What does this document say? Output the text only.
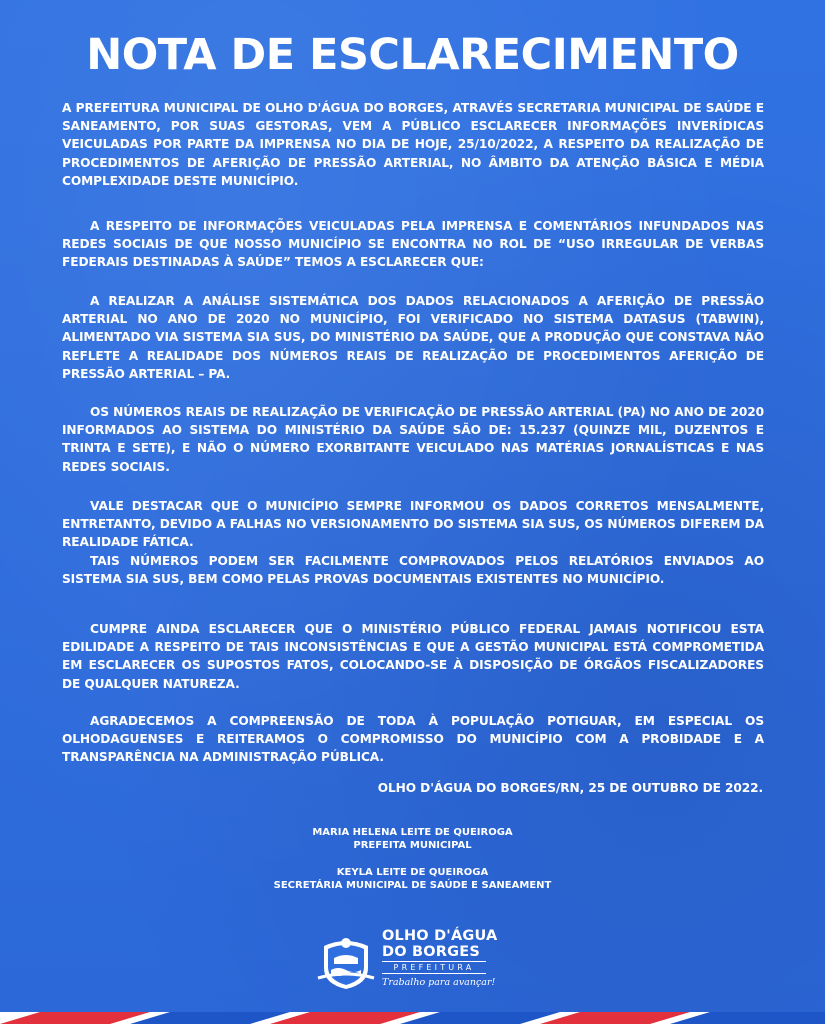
NOTA DE ESCLARECIMENTO

A PREFEITURA MUNICIPAL DE OLHO D'ÁGUA DO BORGES, ATRAVÉS SECRETARIA MUNICIPAL DE SAÚDE E SANEAMENTO, POR SUAS GESTORAS, VEM A PÚBLICO ESCLARECER INFORMAÇÕES INVERÍDICAS VEICULADAS POR PARTE DA IMPRENSA NO DIA DE HOJE, 25/10/2022, A RESPEITO DA REALIZAÇÃO DE PROCEDIMENTOS DE AFERIÇÃO DE PRESSÃO ARTERIAL, NO ÂMBITO DA ATENÇÃO BÁSICA E MÉDIA COMPLEXIDADE DESTE MUNICÍPIO.

A RESPEITO DE INFORMAÇÕES VEICULADAS PELA IMPRENSA E COMENTÁRIOS INFUNDADOS NAS REDES SOCIAIS DE QUE NOSSO MUNICÍPIO SE ENCONTRA NO ROL DE “USO IRREGULAR DE VERBAS FEDERAIS DESTINADAS À SAÚDE” TEMOS A ESCLARECER QUE:

A REALIZAR A ANÁLISE SISTEMÁTICA DOS DADOS RELACIONADOS A AFERIÇÃO DE PRESSÃO ARTERIAL NO ANO DE 2020 NO MUNICÍPIO, FOI VERIFICADO NO SISTEMA DATASUS (TABWIN), ALIMENTADO VIA SISTEMA SIA SUS, DO MINISTÉRIO DA SAÚDE, QUE A PRODUÇÃO QUE CONSTAVA NÃO REFLETE A REALIDADE DOS NÚMEROS REAIS DE REALIZAÇÃO DE PROCEDIMENTOS AFERIÇÃO DE PRESSÃO ARTERIAL – PA.

OS NÚMEROS REAIS DE REALIZAÇÃO DE VERIFICAÇÃO DE PRESSÃO ARTERIAL (PA) NO ANO DE 2020 INFORMADOS AO SISTEMA DO MINISTÉRIO DA SAÚDE SÃO DE: 15.237 (QUINZE MIL, DUZENTOS E TRINTA E SETE), E NÃO O NÚMERO EXORBITANTE VEICULADO NAS MATÉRIAS JORNALÍSTICAS E NAS REDES SOCIAIS.

VALE DESTACAR QUE O MUNICÍPIO SEMPRE INFORMOU OS DADOS CORRETOS MENSALMENTE, ENTRETANTO, DEVIDO A FALHAS NO VERSIONAMENTO DO SISTEMA SIA SUS, OS NÚMEROS DIFEREM DA REALIDADE FÁTICA.

TAIS NÚMEROS PODEM SER FACILMENTE COMPROVADOS PELOS RELATÓRIOS ENVIADOS AO SISTEMA SIA SUS, BEM COMO PELAS PROVAS DOCUMENTAIS EXISTENTES NO MUNICÍPIO.

CUMPRE AINDA ESCLARECER QUE O MINISTÉRIO PÚBLICO FEDERAL JAMAIS NOTIFICOU ESTA EDILIDADE A RESPEITO DE TAIS INCONSISTÊNCIAS E QUE A GESTÃO MUNICIPAL ESTÁ COMPROMETIDA EM ESCLARECER OS SUPOSTOS FATOS, COLOCANDO-SE À DISPOSIÇÃO DE ÓRGÃOS FISCALIZADORES DE QUALQUER NATUREZA.

AGRADECEMOS A COMPREENSÃO DE TODA À POPULAÇÃO POTIGUAR, EM ESPECIAL OS OLHODAGUENSES E REITERAMOS O COMPROMISSO DO MUNICÍPIO COM A PROBIDADE E A TRANSPARÊNCIA NA ADMINISTRAÇÃO PÚBLICA.

OLHO D'ÁGUA DO BORGES/RN, 25 DE OUTUBRO DE 2022.
MARIA HELENA LEITE DE QUEIROGA
PREFEITA MUNICIPAL
KEYLA LEITE DE QUEIROGA
SECRETÁRIA MUNICIPAL DE SAÚDE E SANEAMENT
OLHO D'ÁGUA
DO BORGES
PREFEITURA
Trabalho para avançar!
